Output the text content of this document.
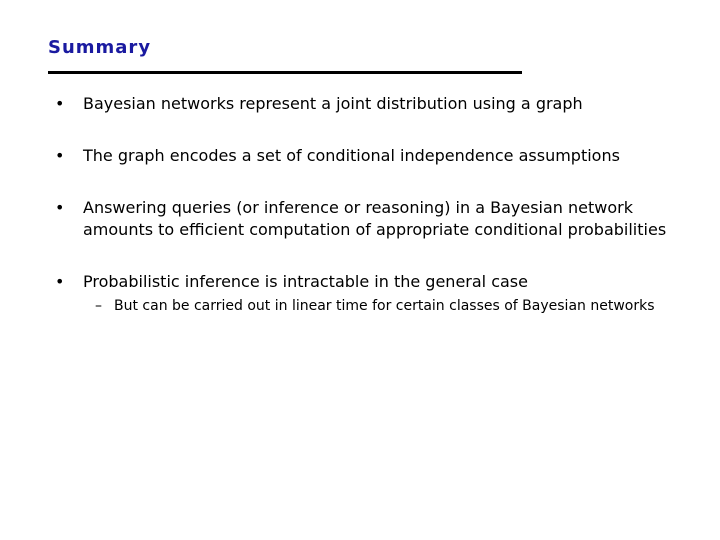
Summary
• Bayesian networks represent a joint distribution using a graph
• The graph encodes a set of conditional independence assumptions
• Answering queries (or inference or reasoning) in a Bayesian network amounts to efficient computation of appropriate conditional probabilities
• Probabilistic inference is intractable in the general case
– But can be carried out in linear time for certain classes of Bayesian networks
